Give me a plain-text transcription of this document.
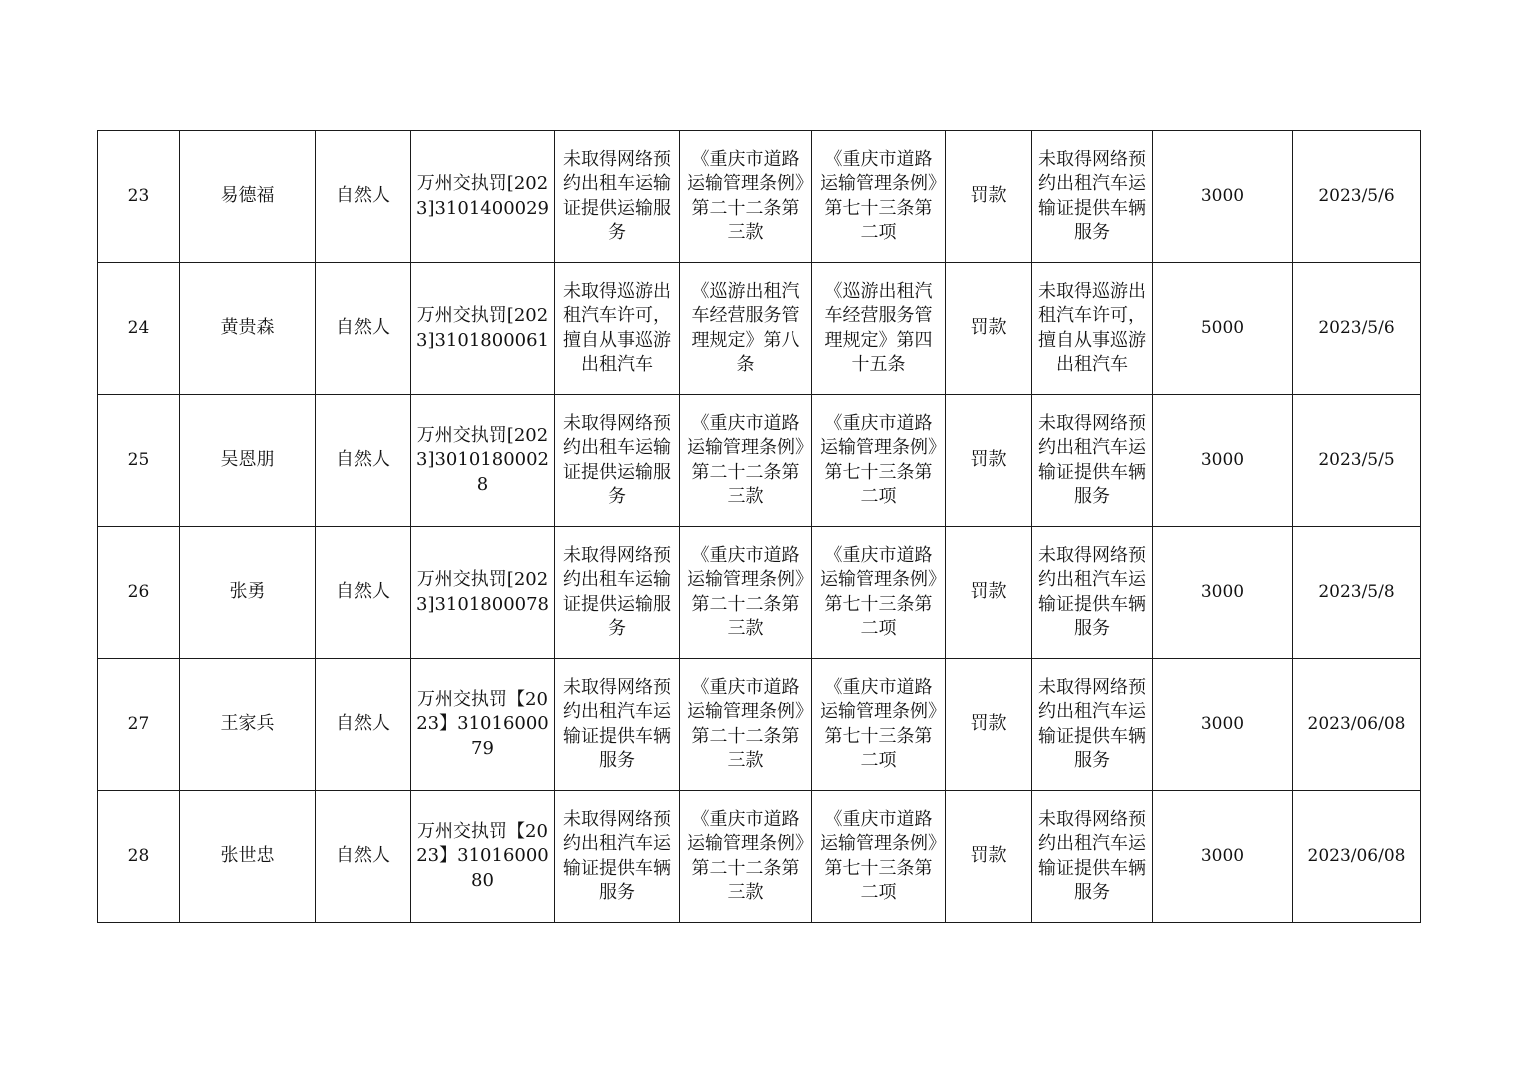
23	易德福	自然人	万州交执罚[2023]3101400029	未取得网络预约出租车运输证提供运输服务	《重庆市道路运输管理条例》第二十二条第三款	《重庆市道路运输管理条例》第七十三条第二项	罚款	未取得网络预约出租汽车运输证提供车辆服务	3000	2023/5/6
24	黄贵森	自然人	万州交执罚[2023]3101800061	未取得巡游出租汽车许可，擅自从事巡游出租汽车	《巡游出租汽车经营服务管理规定》第八条	《巡游出租汽车经营服务管理规定》第四十五条	罚款	未取得巡游出租汽车许可，擅自从事巡游出租汽车	5000	2023/5/6
25	吴恩朋	自然人	万州交执罚[2023]30101800028	未取得网络预约出租车运输证提供运输服务	《重庆市道路运输管理条例》第二十二条第三款	《重庆市道路运输管理条例》第七十三条第二项	罚款	未取得网络预约出租汽车运输证提供车辆服务	3000	2023/5/5
26	张勇	自然人	万州交执罚[2023]3101800078	未取得网络预约出租车运输证提供运输服务	《重庆市道路运输管理条例》第二十二条第三款	《重庆市道路运输管理条例》第七十三条第二项	罚款	未取得网络预约出租汽车运输证提供车辆服务	3000	2023/5/8
27	王家兵	自然人	万州交执罚【2023】3101600079	未取得网络预约出租汽车运输证提供车辆服务	《重庆市道路运输管理条例》第二十二条第三款	《重庆市道路运输管理条例》第七十三条第二项	罚款	未取得网络预约出租汽车运输证提供车辆服务	3000	2023/06/08
28	张世忠	自然人	万州交执罚【2023】3101600080	未取得网络预约出租汽车运输证提供车辆服务	《重庆市道路运输管理条例》第二十二条第三款	《重庆市道路运输管理条例》第七十三条第二项	罚款	未取得网络预约出租汽车运输证提供车辆服务	3000	2023/06/08
